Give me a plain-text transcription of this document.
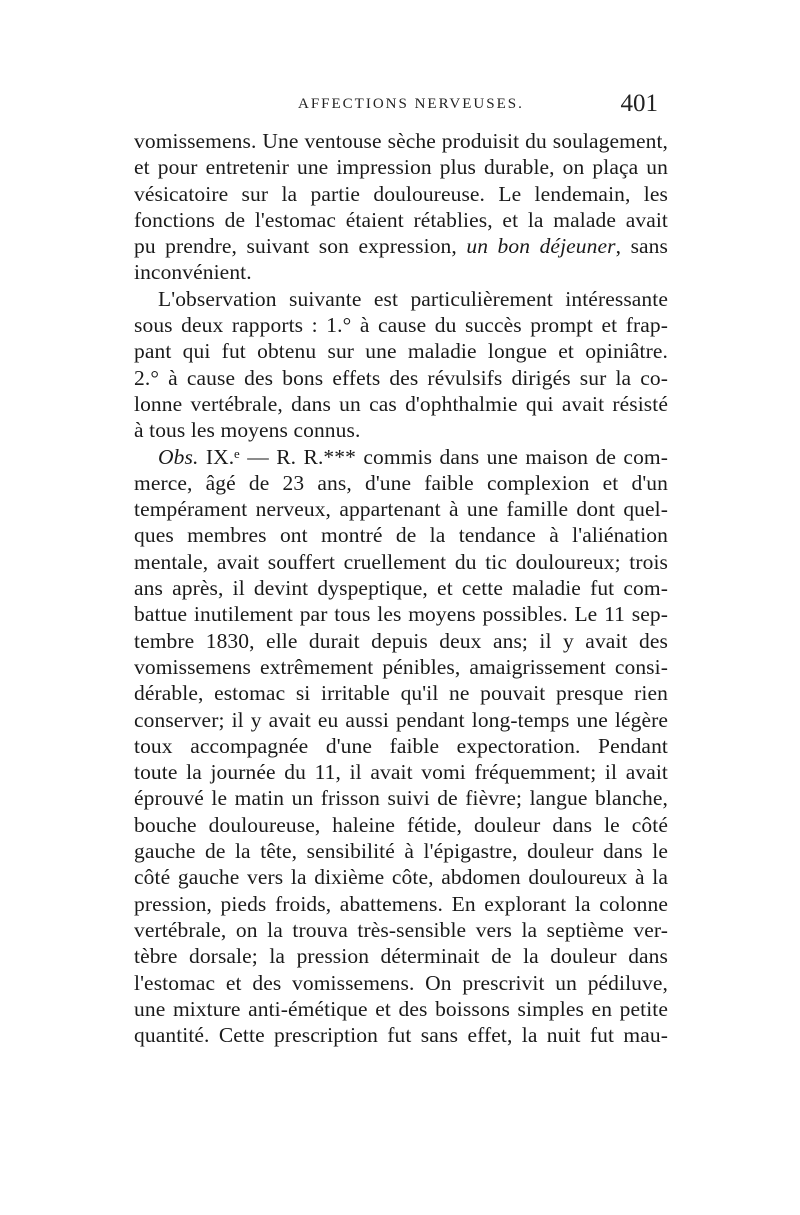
AFFECTIONS NERVEUSES.	401
vomissemens. Une ventouse sèche produisit du soulagement,
et pour entretenir une impression plus durable, on plaça un
vésicatoire sur la partie douloureuse. Le lendemain, les
fonctions de l'estomac étaient rétablies, et la malade avait
pu prendre, suivant son expression, un bon déjeuner, sans
inconvénient.
L'observation suivante est particulièrement intéressante
sous deux rapports : 1.° à cause du succès prompt et frap-
pant qui fut obtenu sur une maladie longue et opiniâtre.
2.° à cause des bons effets des révulsifs dirigés sur la co-
lonne vertébrale, dans un cas d'ophthalmie qui avait résisté
à tous les moyens connus.
Obs. IX.ᵉ — R. R.*** commis dans une maison de com-
merce, âgé de 23 ans, d'une faible complexion et d'un
tempérament nerveux, appartenant à une famille dont quel-
ques membres ont montré de la tendance à l'aliénation
mentale, avait souffert cruellement du tic douloureux; trois
ans après, il devint dyspeptique, et cette maladie fut com-
battue inutilement par tous les moyens possibles. Le 11 sep-
tembre 1830, elle durait depuis deux ans; il y avait des
vomissemens extrêmement pénibles, amaigrissement consi-
dérable, estomac si irritable qu'il ne pouvait presque rien
conserver; il y avait eu aussi pendant long-temps une légère
toux accompagnée d'une faible expectoration. Pendant
toute la journée du 11, il avait vomi fréquemment; il avait
éprouvé le matin un frisson suivi de fièvre; langue blanche,
bouche douloureuse, haleine fétide, douleur dans le côté
gauche de la tête, sensibilité à l'épigastre, douleur dans le
côté gauche vers la dixième côte, abdomen douloureux à la
pression, pieds froids, abattemens. En explorant la colonne
vertébrale, on la trouva très-sensible vers la septième ver-
tèbre dorsale; la pression déterminait de la douleur dans
l'estomac et des vomissemens. On prescrivit un pédiluve,
une mixture anti-émétique et des boissons simples en petite
quantité. Cette prescription fut sans effet, la nuit fut mau-
